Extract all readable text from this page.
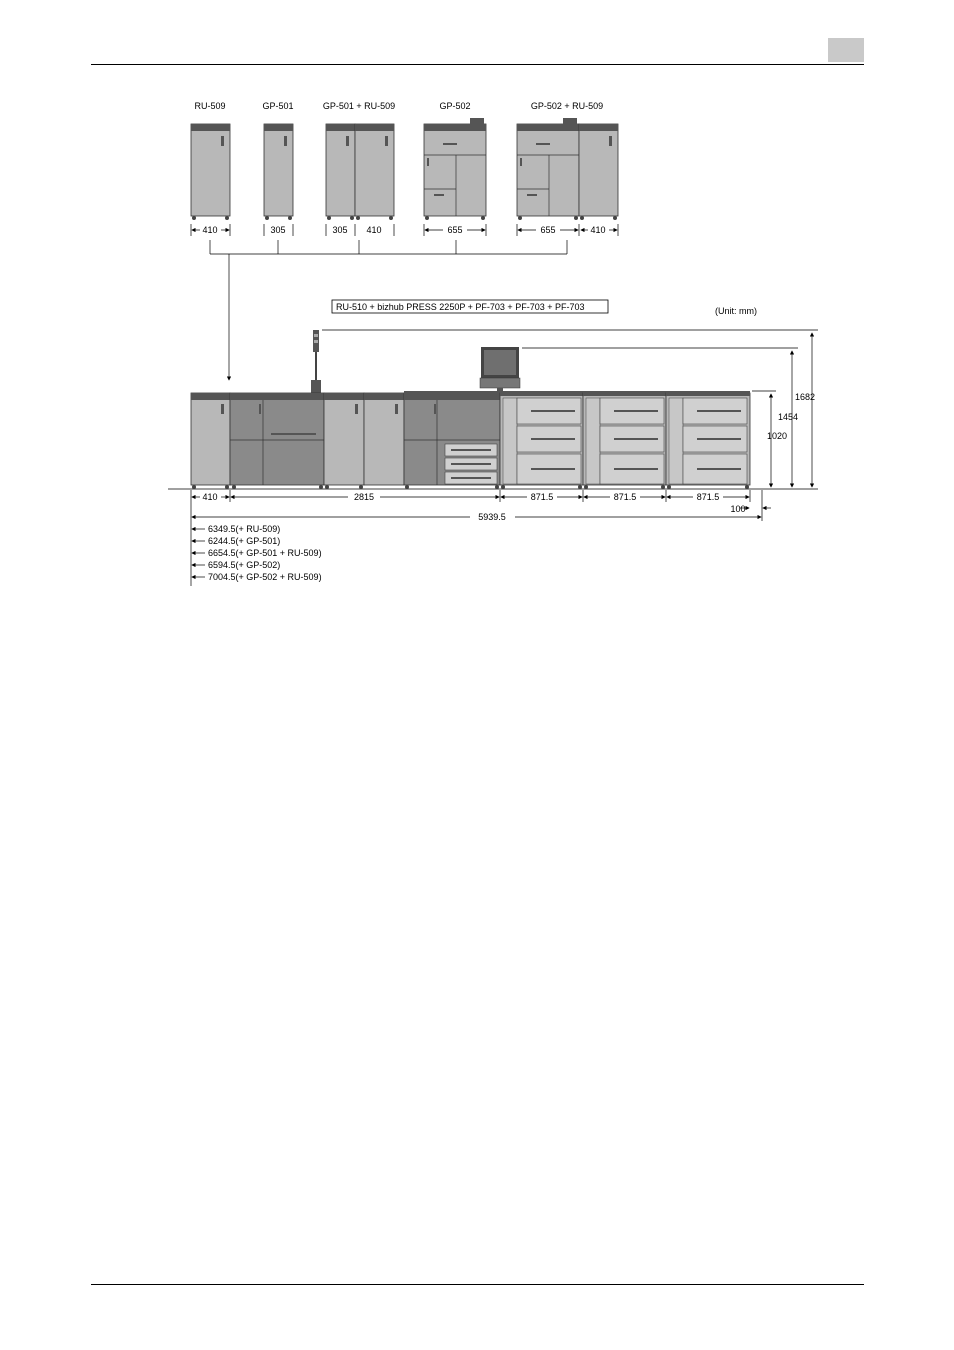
RU-509	GP-501	GP-501 + RU-509	GP-502	GP-502 + RU-509
410	305	305 410	655	655	410
RU-510 + bizhub PRESS 2250P + PF-703 + PF-703 + PF-703	(Unit: mm)
1682
1454
1020
410	2815	871.5	871.5	871.5
100
5939.5
6349.5(+ RU-509)
6244.5(+ GP-501)
6654.5(+ GP-501 + RU-509)
6594.5(+ GP-502)
7004.5(+ GP-502 + RU-509)
